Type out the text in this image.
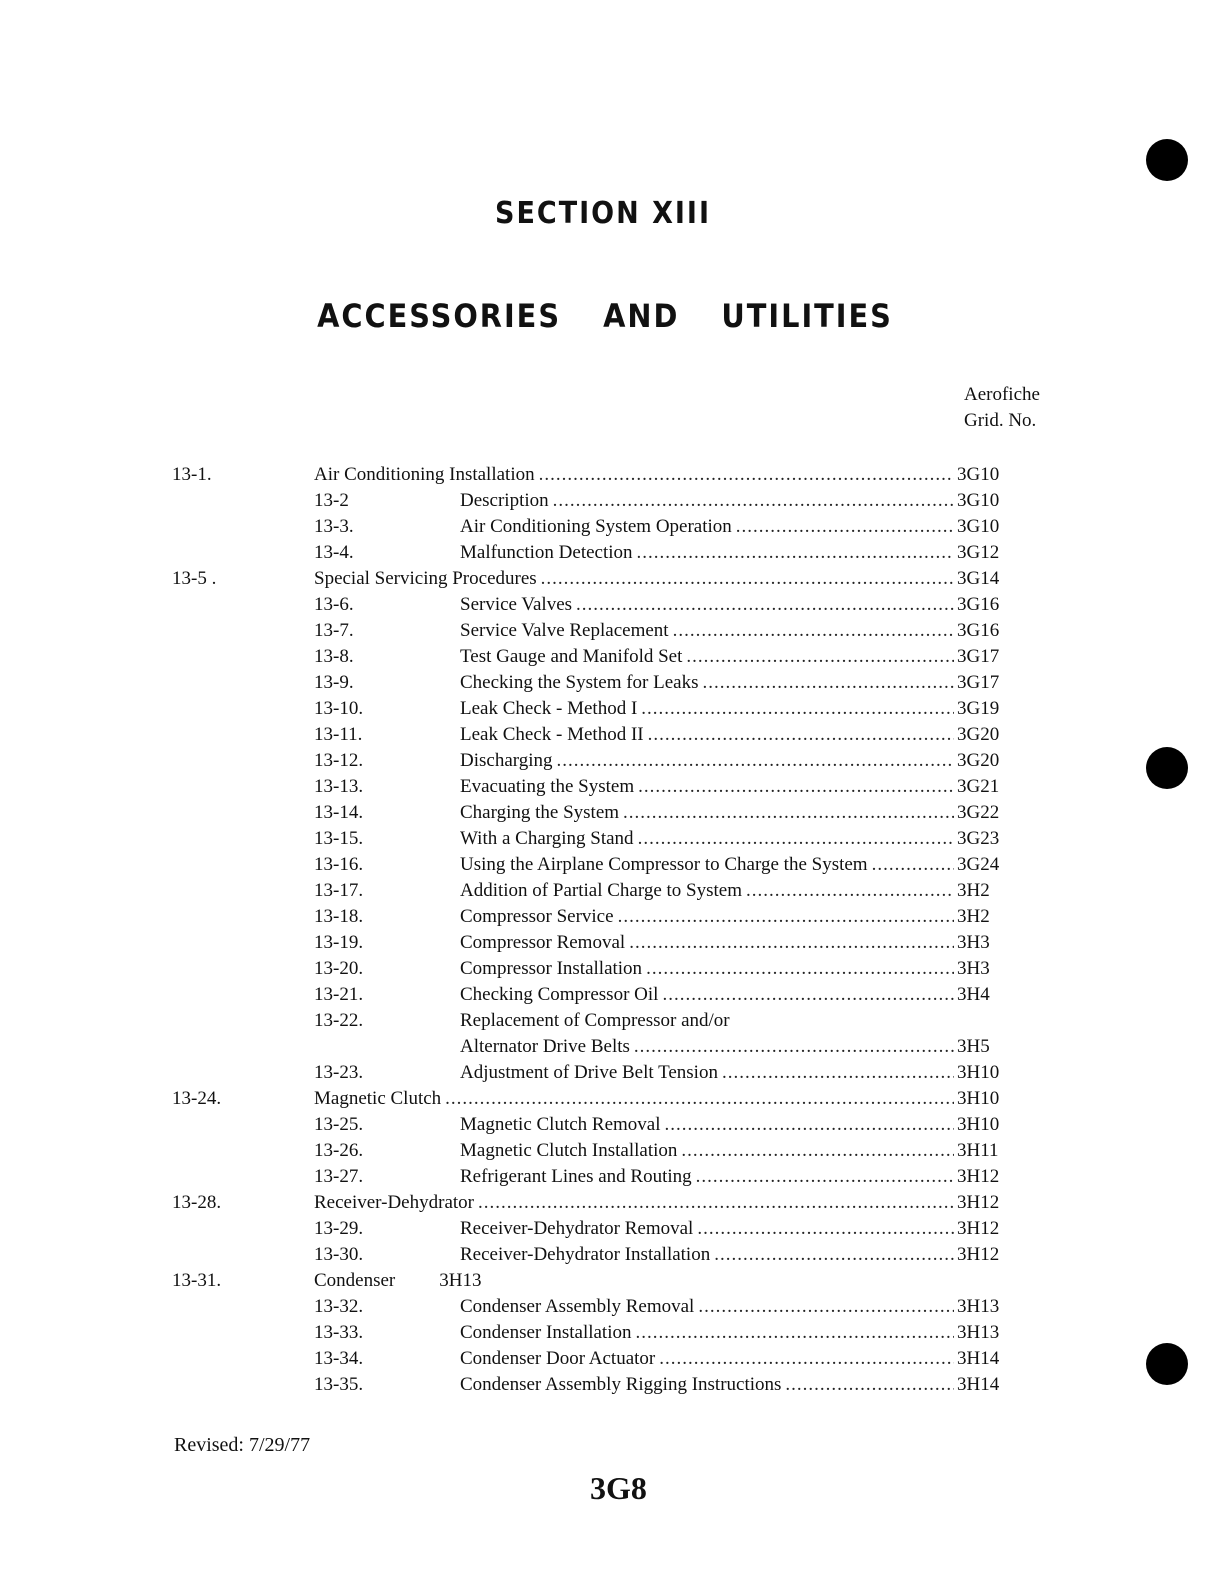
SECTION XIII
ACCESSORIES AND UTILITIES
Aerofiche
Grid. No.
13-1.	Air Conditioning Installation .....	3G10
13-2	Description .....	3G10
13-3.	Air Conditioning System Operation .....	3G10
13-4.	Malfunction Detection .....	3G12
13-5 .	Special Servicing Procedures .....	3G14
13-6.	Service Valves .....	3G16
13-7.	Service Valve Replacement .....	3G16
13-8.	Test Gauge and Manifold Set .....	3G17
13-9.	Checking the System for Leaks .....	3G17
13-10.	Leak Check - Method I .....	3G19
13-11.	Leak Check - Method II .....	3G20
13-12.	Discharging .....	3G20
13-13.	Evacuating the System .....	3G21
13-14.	Charging the System .....	3G22
13-15.	With a Charging Stand .....	3G23
13-16.	Using the Airplane Compressor to Charge the System .....	3G24
13-17.	Addition of Partial Charge to System .....	3H2
13-18.	Compressor Service .....	3H2
13-19.	Compressor Removal .....	3H3
13-20.	Compressor Installation .....	3H3
13-21.	Checking Compressor Oil .....	3H4
13-22.	Replacement of Compressor and/or
Alternator Drive Belts .....	3H5
13-23.	Adjustment of Drive Belt Tension .....	3H10
13-24.	Magnetic Clutch .....	3H10
13-25.	Magnetic Clutch Removal .....	3H10
13-26.	Magnetic Clutch Installation .....	3H11
13-27.	Refrigerant Lines and Routing .....	3H12
13-28.	Receiver-Dehydrator .....	3H12
13-29.	Receiver-Dehydrator Removal .....	3H12
13-30.	Receiver-Dehydrator Installation .....	3H12
13-31.	Condenser 3H13
13-32.	Condenser Assembly Removal .....	3H13
13-33.	Condenser Installation .....	3H13
13-34.	Condenser Door Actuator .....	3H14
13-35.	Condenser Assembly Rigging Instructions .....	3H14
Revised: 7/29/77
3G8
